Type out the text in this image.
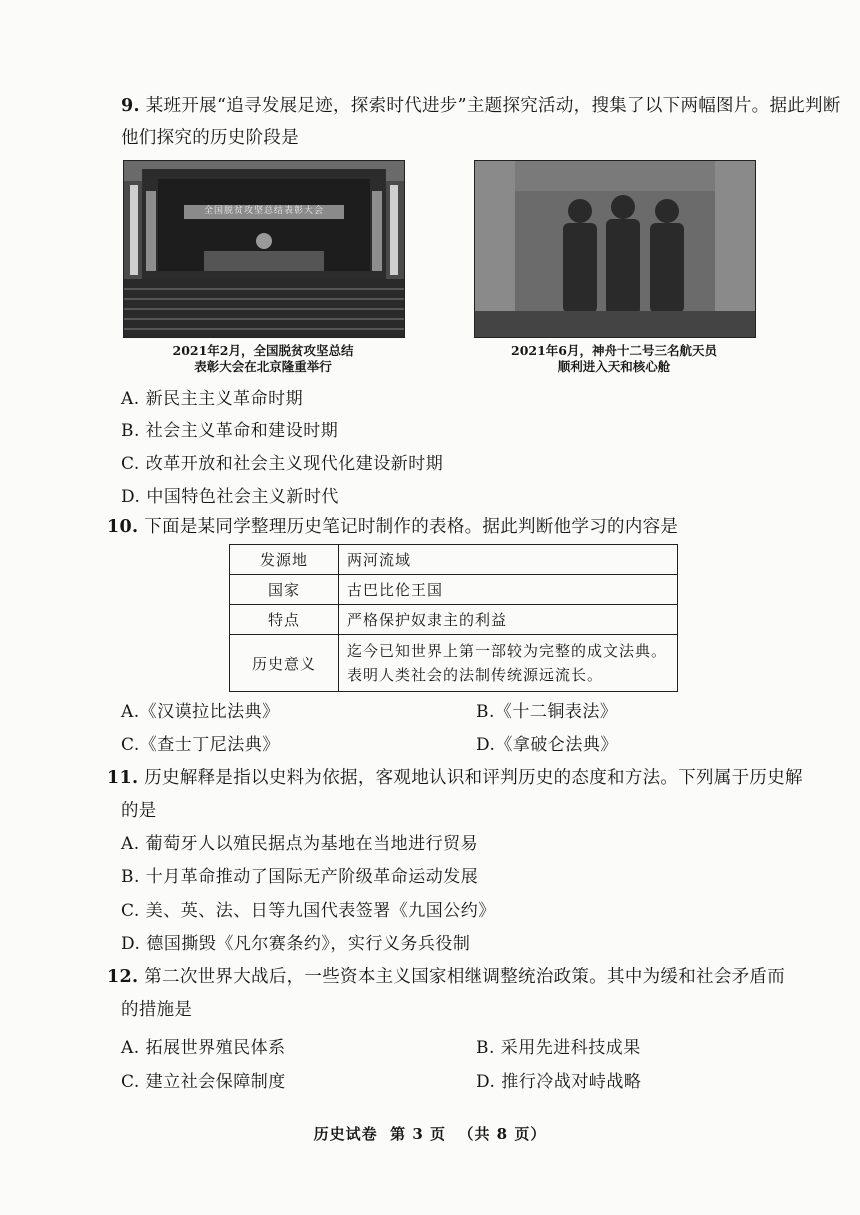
9. 某班开展“追寻发展足迹，探索时代进步”主题探究活动，搜集了以下两幅图片。据此判断
他们探究的历史阶段是
全国脱贫攻坚总结表彰大会
2021年2月，全国脱贫攻坚总结
表彰大会在北京隆重举行
2021年6月，神舟十二号三名航天员
顺利进入天和核心舱
A. 新民主主义革命时期
B. 社会主义革命和建设时期
C. 改革开放和社会主义现代化建设新时期
D. 中国特色社会主义新时代
10. 下面是某同学整理历史笔记时制作的表格。据此判断他学习的内容是
发源地	两河流域
国家	古巴比伦王国
特点	严格保护奴隶主的利益
历史意义	迄今已知世界上第一部较为完整的成文法典。表明人类社会的法制传统源远流长。
A.《汉谟拉比法典》	B.《十二铜表法》
C.《查士丁尼法典》	D.《拿破仑法典》
11. 历史解释是指以史料为依据，客观地认识和评判历史的态度和方法。下列属于历史解
的是
A. 葡萄牙人以殖民据点为基地在当地进行贸易
B. 十月革命推动了国际无产阶级革命运动发展
C. 美、英、法、日等九国代表签署《九国公约》
D. 德国撕毁《凡尔赛条约》，实行义务兵役制
12. 第二次世界大战后，一些资本主义国家相继调整统治政策。其中为缓和社会矛盾而
的措施是
A. 拓展世界殖民体系	B. 采用先进科技成果
C. 建立社会保障制度	D. 推行冷战对峙战略
历史试卷  第 3 页  （共 8 页）
